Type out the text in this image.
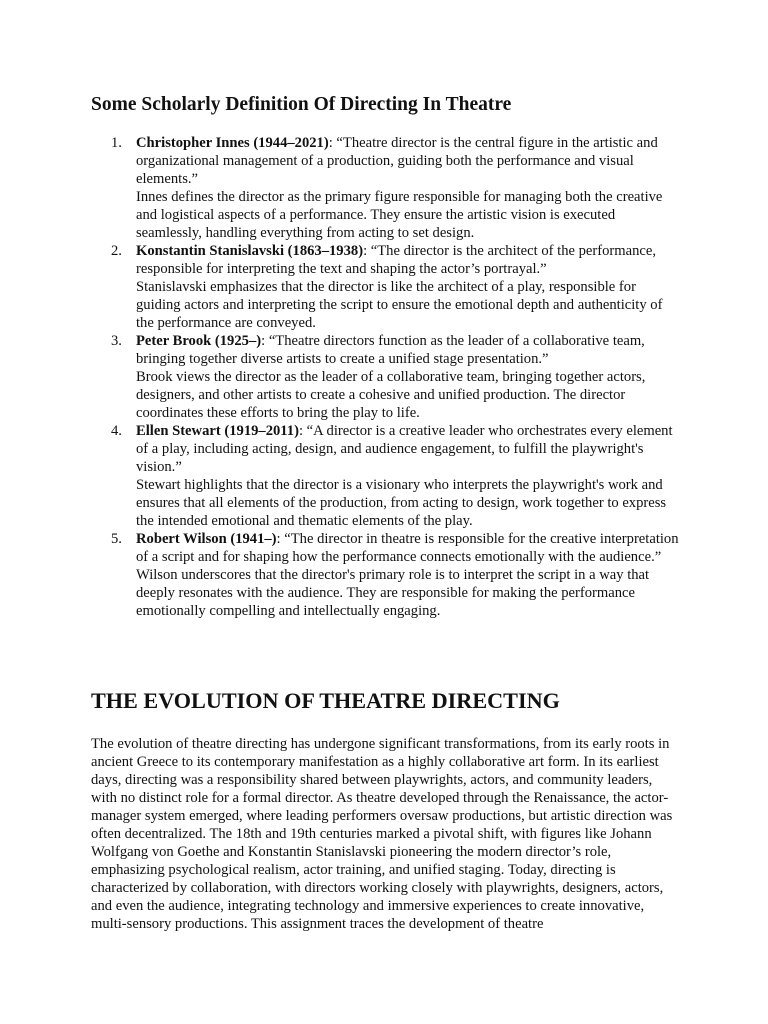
Some Scholarly Definition Of Directing In Theatre
1. Christopher Innes (1944–2021): “Theatre director is the central figure in the artistic and organizational management of a production, guiding both the performance and visual elements.”
Innes defines the director as the primary figure responsible for managing both the creative and logistical aspects of a performance. They ensure the artistic vision is executed seamlessly, handling everything from acting to set design.
2. Konstantin Stanislavski (1863–1938): “The director is the architect of the performance, responsible for interpreting the text and shaping the actor’s portrayal.”
Stanislavski emphasizes that the director is like the architect of a play, responsible for guiding actors and interpreting the script to ensure the emotional depth and authenticity of the performance are conveyed.
3. Peter Brook (1925–): “Theatre directors function as the leader of a collaborative team, bringing together diverse artists to create a unified stage presentation.”
Brook views the director as the leader of a collaborative team, bringing together actors, designers, and other artists to create a cohesive and unified production. The director coordinates these efforts to bring the play to life.
4. Ellen Stewart (1919–2011): “A director is a creative leader who orchestrates every element of a play, including acting, design, and audience engagement, to fulfill the playwright's vision.”
Stewart highlights that the director is a visionary who interprets the playwright's work and ensures that all elements of the production, from acting to design, work together to express the intended emotional and thematic elements of the play.
5. Robert Wilson (1941–): “The director in theatre is responsible for the creative interpretation of a script and for shaping how the performance connects emotionally with the audience.”
Wilson underscores that the director's primary role is to interpret the script in a way that deeply resonates with the audience. They are responsible for making the performance emotionally compelling and intellectually engaging.
THE EVOLUTION OF THEATRE DIRECTING

The evolution of theatre directing has undergone significant transformations, from its early roots in ancient Greece to its contemporary manifestation as a highly collaborative art form. In its earliest days, directing was a responsibility shared between playwrights, actors, and community leaders, with no distinct role for a formal director. As theatre developed through the Renaissance, the actor-manager system emerged, where leading performers oversaw productions, but artistic direction was often decentralized. The 18th and 19th centuries marked a pivotal shift, with figures like Johann Wolfgang von Goethe and Konstantin Stanislavski pioneering the modern director’s role, emphasizing psychological realism, actor training, and unified staging. Today, directing is characterized by collaboration, with directors working closely with playwrights, designers, actors, and even the audience, integrating technology and immersive experiences to create innovative, multi-sensory productions. This assignment traces the development of theatre
